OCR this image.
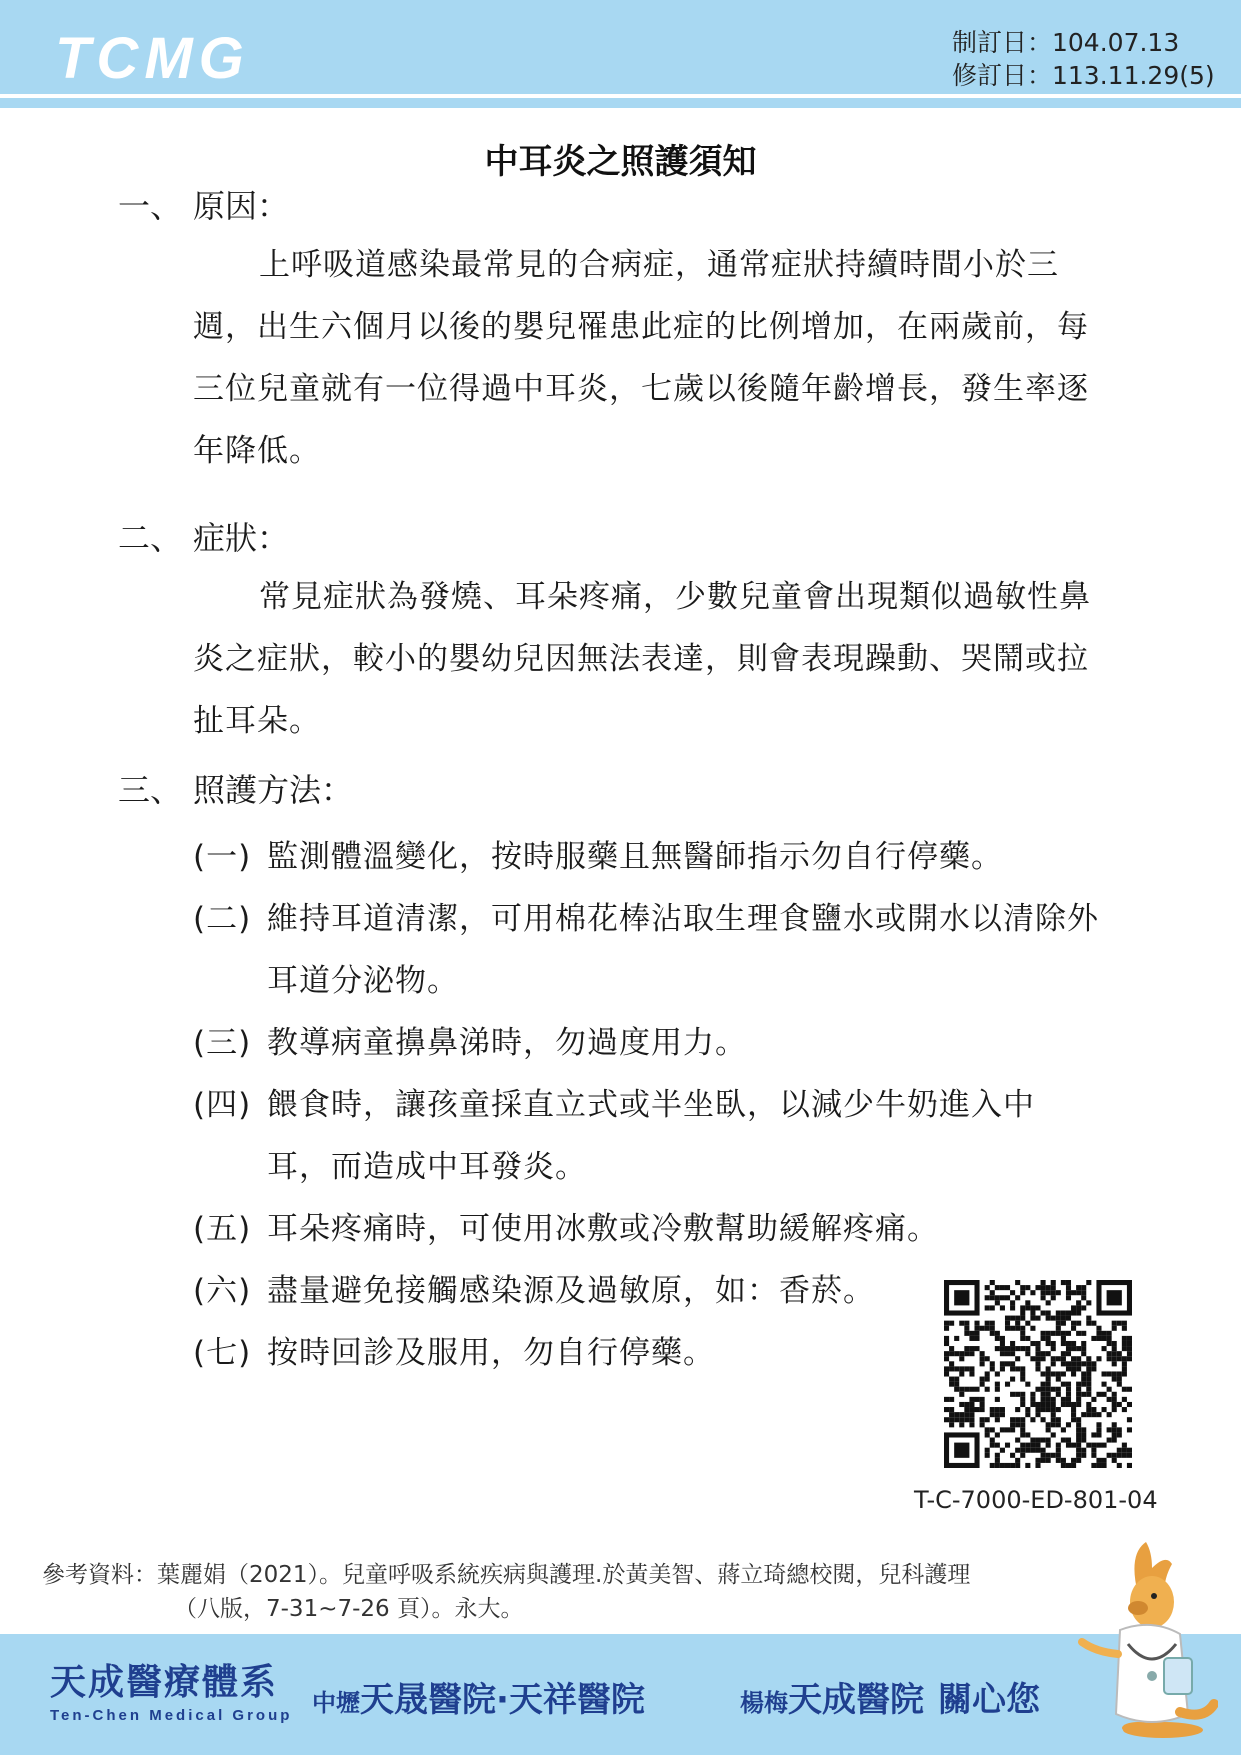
TCMG	制訂日：104.07.13
修訂日：113.11.29(5)
中耳炎之照護須知
一、 原因：
上呼吸道感染最常見的合病症，通常症狀持續時間小於三週，出生六個月以後的嬰兒罹患此症的比例增加，在兩歲前，每三位兒童就有一位得過中耳炎，七歲以後隨年齡增長，發生率逐年降低。
二、 症狀：
常見症狀為發燒、耳朵疼痛，少數兒童會出現類似過敏性鼻炎之症狀，較小的嬰幼兒因無法表達，則會表現躁動、哭鬧或拉扯耳朵。
三、 照護方法：
(一) 監測體溫變化，按時服藥且無醫師指示勿自行停藥。
(二) 維持耳道清潔，可用棉花棒沾取生理食鹽水或開水以清除外耳道分泌物。
(三) 教導病童擤鼻涕時，勿過度用力。
(四) 餵食時，讓孩童採直立式或半坐臥，以減少牛奶進入中耳，而造成中耳發炎。
(五) 耳朵疼痛時，可使用冰敷或冷敷幫助緩解疼痛。
(六) 盡量避免接觸感染源及過敏原，如：香菸。
(七) 按時回診及服用，勿自行停藥。
T-C-7000-ED-801-04
參考資料：葉麗娟（2021）。兒童呼吸系統疾病與護理.於黃美智、蔣立琦總校閱，兒科護理
（八版，7-31~7-26 頁）。永大。
天成醫療體系
Ten-Chen Medical Group 中壢天晟醫院·天祥醫院	楊梅天成醫院 關心您
